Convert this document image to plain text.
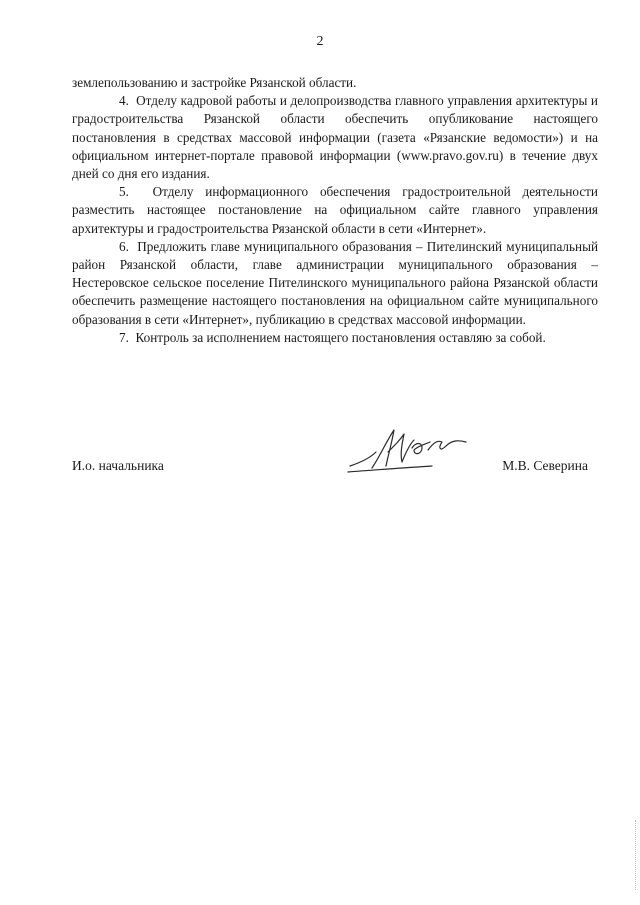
2

землепользованию и застройке Рязанской области.

4.  Отделу кадровой работы и делопроизводства главного управления архитектуры и градостроительства Рязанской области обеспечить опубликование настоящего постановления в средствах массовой информации (газета «Рязанские ведомости») и на официальном интернет-портале правовой информации (www.pravo.gov.ru) в течение двух дней со дня его издания.

5.  Отделу информационного обеспечения градостроительной деятельности разместить настоящее постановление на официальном сайте главного управления архитектуры и градостроительства Рязанской области в сети «Интернет».

6.  Предложить главе муниципального образования – Пителинский муниципальный район Рязанской области, главе администрации муниципального образования – Нестеровское сельское поселение Пителинского муниципального района Рязанской области обеспечить размещение настоящего постановления на официальном сайте муниципального образования в сети «Интернет», публикацию в средствах массовой информации.

7.  Контроль за исполнением настоящего постановления оставляю за собой.

И.о. начальника	М.В. Северина
